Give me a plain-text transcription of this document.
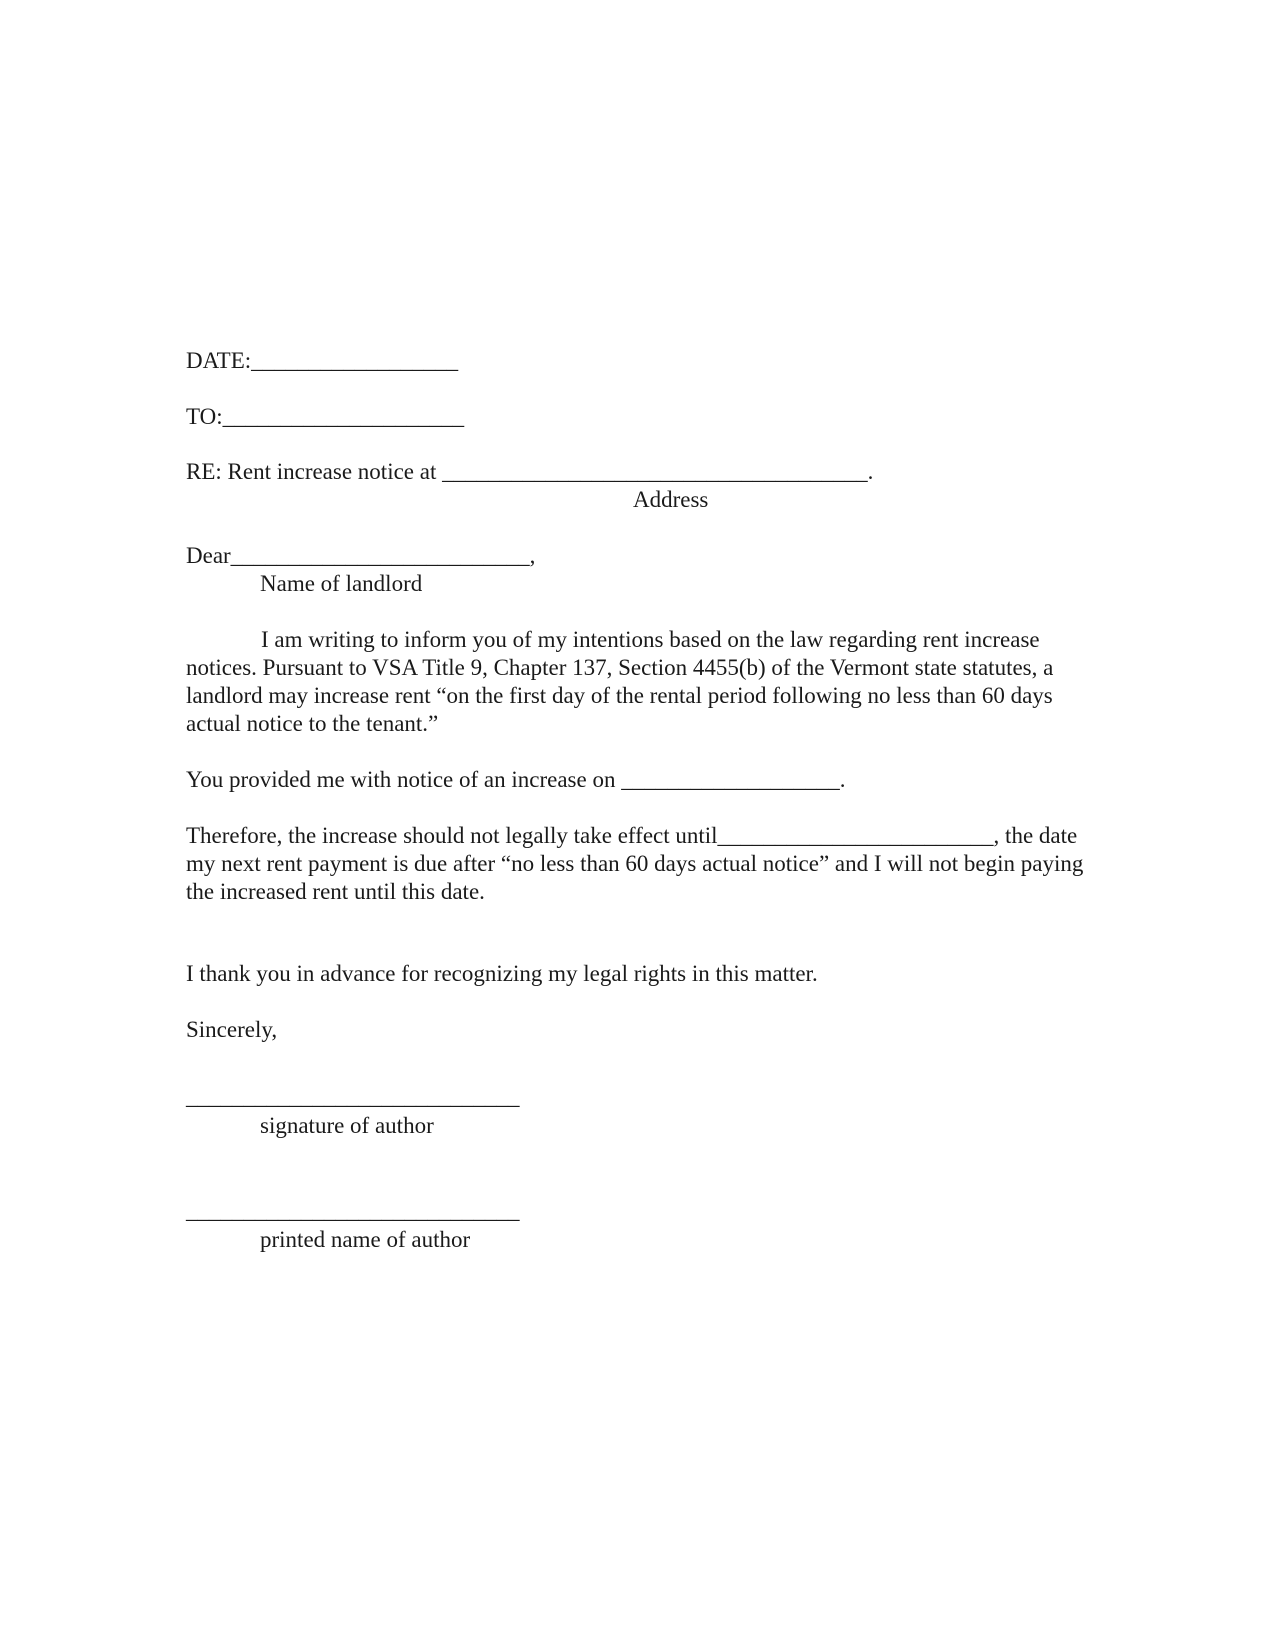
DATE:__________________
TO:_____________________
RE: Rent increase notice at _____________________________________.
Address
Dear__________________________,
Name of landlord
I am writing to inform you of my intentions based on the law regarding rent increase notices. Pursuant to VSA Title 9, Chapter 137, Section 4455(b) of the Vermont state statutes, a landlord may increase rent “on the first day of the rental period following no less than 60 days actual notice to the tenant.”
You provided me with notice of an increase on ___________________.
Therefore, the increase should not legally take effect until________________________, the date my next rent payment is due after “no less than 60 days actual notice” and I will not begin paying the increased rent until this date.
I thank you in advance for recognizing my legal rights in this matter.
Sincerely,
_____________________________
signature of author
_____________________________
printed name of author
